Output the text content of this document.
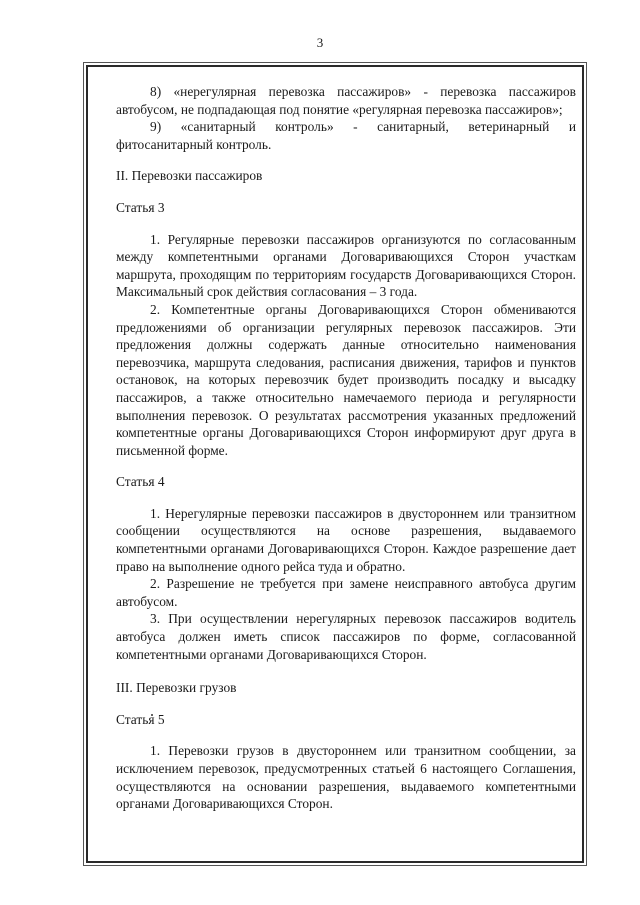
3

8) «нерегулярная перевозка пассажиров» - перевозка пассажиров автобусом, не подпадающая под понятие «регулярная перевозка пассажиров»;

9) «санитарный контроль» - санитарный, ветеринарный и фитосанитарный контроль.

II. Перевозки пассажиров

Статья 3

1. Регулярные перевозки пассажиров организуются по согласованным между компетентными органами Договаривающихся Сторон участкам маршрута, проходящим по территориям государств Договаривающихся Сторон. Максимальный срок действия согласования – 3 года.

2. Компетентные органы Договаривающихся Сторон обмениваются предложениями об организации регулярных перевозок пассажиров. Эти предложения должны содержать данные относительно наименования перевозчика, маршрута следования, расписания движения, тарифов и пунктов остановок, на которых перевозчик будет производить посадку и высадку пассажиров, а также относительно намечаемого периода и регулярности выполнения перевозок. О результатах рассмотрения указанных предложений компетентные органы Договаривающихся Сторон информируют друг друга в письменной форме.

Статья 4

1. Нерегулярные перевозки пассажиров в двустороннем или транзитном сообщении осуществляются на основе разрешения, выдаваемого компетентными органами Договаривающихся Сторон. Каждое разрешение дает право на выполнение одного рейса туда и обратно.

2. Разрешение не требуется при замене неисправного автобуса другим автобусом.

3. При осуществлении нерегулярных перевозок пассажиров водитель автобуса должен иметь список пассажиров по форме, согласованной компетентными органами Договаривающихся Сторон.

III. Перевозки грузов

Статья 5

1. Перевозки грузов в двустороннем или транзитном сообщении, за исключением перевозок, предусмотренных статьей 6 настоящего Соглашения, осуществляются на основании разрешения, выдаваемого компетентными органами Договаривающихся Сторон.
